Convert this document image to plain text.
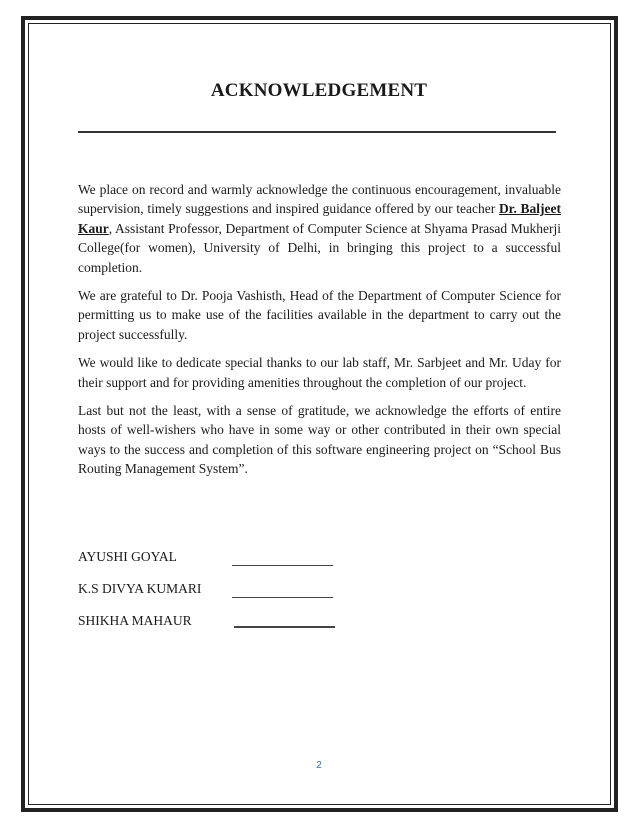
ACKNOWLEDGEMENT

We place on record and warmly acknowledge the continuous encouragement, invaluable supervision, timely suggestions and inspired guidance offered by our teacher Dr. Baljeet Kaur, Assistant Professor, Department of Computer Science at Shyama Prasad Mukherji College(for women), University of Delhi, in bringing this project to a successful completion.

We are grateful to Dr. Pooja Vashisth, Head of the Department of Computer Science for permitting us to make use of the facilities available in the department to carry out the project successfully.

We would like to dedicate special thanks to our lab staff, Mr. Sarbjeet and Mr. Uday for their support and for providing amenities throughout the completion of our project.

Last but not the least, with a sense of gratitude, we acknowledge the efforts of entire hosts of well-wishers who have in some way or other contributed in their own special ways to the success and completion of this software engineering project on “School Bus Routing Management System”.

AYUSHI GOYAL
K.S DIVYA KUMARI
SHIKHA MAHAUR
2
